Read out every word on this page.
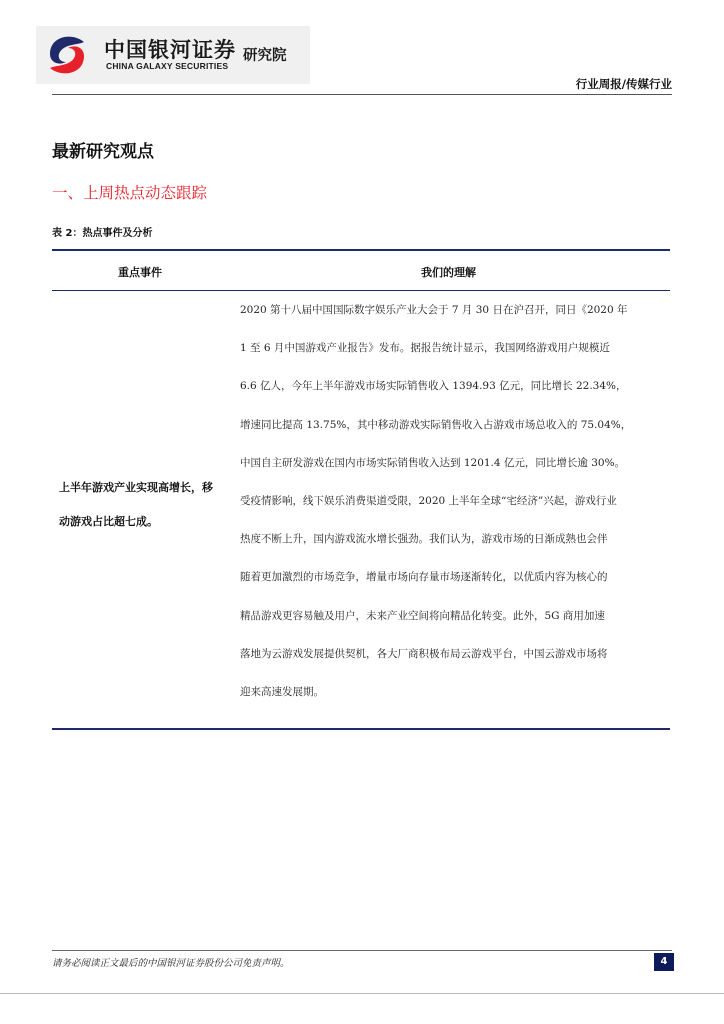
中国银河证券
CHINA GALAXY SECURITIES
研究院
行业周报/传媒行业
最新研究观点
一、上周热点动态跟踪
表 2：热点事件及分析
重点事件	我们的理解
上半年游戏产业实现高增长，移
动游戏占比超七成。
2020 第十八届中国国际数字娱乐产业大会于 7 月 30 日在沪召开，同日《2020 年
1 至 6 月中国游戏产业报告》发布。据报告统计显示，我国网络游戏用户规模近
6.6 亿人，今年上半年游戏市场实际销售收入 1394.93 亿元，同比增长 22.34%，
增速同比提高 13.75%，其中移动游戏实际销售收入占游戏市场总收入的 75.04%，
中国自主研发游戏在国内市场实际销售收入达到 1201.4 亿元，同比增长逾 30%。
受疫情影响，线下娱乐消费渠道受限，2020 上半年全球“宅经济”兴起，游戏行业
热度不断上升，国内游戏流水增长强劲。我们认为，游戏市场的日渐成熟也会伴
随着更加激烈的市场竞争，增量市场向存量市场逐渐转化，以优质内容为核心的
精品游戏更容易触及用户，未来产业空间将向精品化转变。此外，5G 商用加速
落地为云游戏发展提供契机，各大厂商积极布局云游戏平台，中国云游戏市场将
迎来高速发展期。
请务必阅读正文最后的中国银河证券股份公司免责声明。	4
